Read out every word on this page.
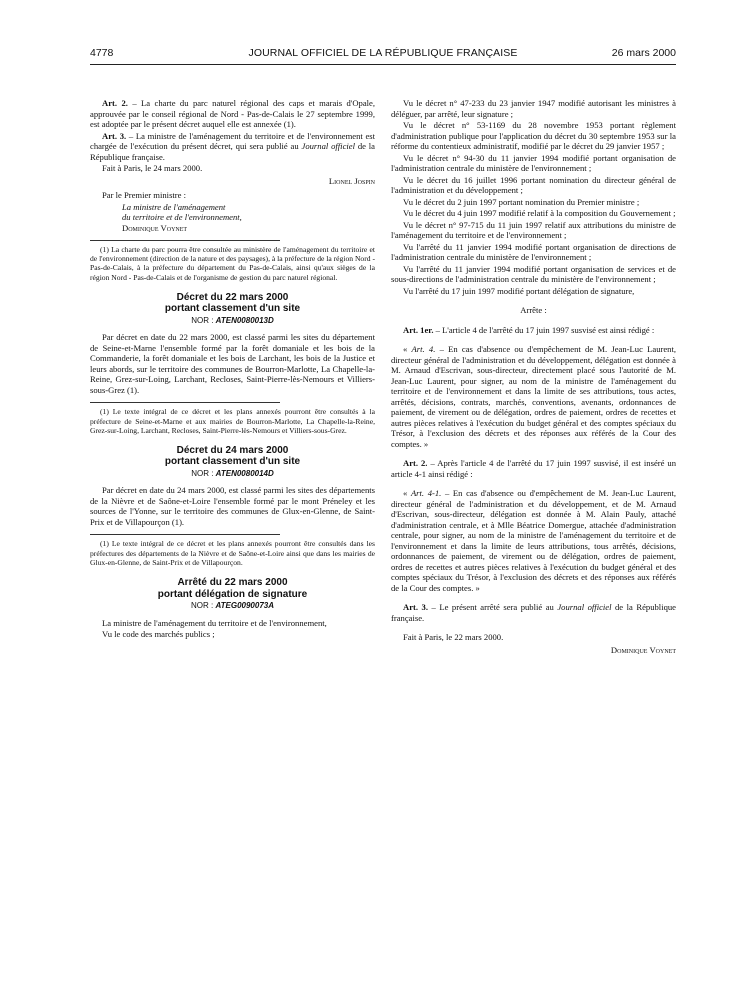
4778	JOURNAL OFFICIEL DE LA RÉPUBLIQUE FRANÇAISE	26 mars 2000

Art. 2. – La charte du parc naturel régional des caps et marais d'Opale, approuvée par le conseil régional de Nord - Pas-de-Calais le 27 septembre 1999, est adoptée par le présent décret auquel elle est annexée (1).

Art. 3. – La ministre de l'aménagement du territoire et de l'environnement est chargée de l'exécution du présent décret, qui sera publié au Journal officiel de la République française.

Fait à Paris, le 24 mars 2000.

Lionel Jospin

Par le Premier ministre :

La ministre de l'aménagement

du territoire et de l'environnement,

Dominique Voynet

(1) La charte du parc pourra être consultée au ministère de l'aménagement du territoire et de l'environnement (direction de la nature et des paysages), à la préfecture de la région Nord - Pas-de-Calais, à la préfecture du département du Pas-de-Calais, ainsi qu'aux sièges de la région Nord - Pas-de-Calais et de l'organisme de gestion du parc naturel régional.

Décret du 22 mars 2000
portant classement d'un site
NOR : ATEN0080013D

Par décret en date du 22 mars 2000, est classé parmi les sites du département de Seine-et-Marne l'ensemble formé par la forêt domaniale et les bois de la Commanderie, la forêt domaniale et les bois de Larchant, les bois de la Justice et leurs abords, sur le territoire des communes de Bourron-Marlotte, La Chapelle-la-Reine, Grez-sur-Loing, Larchant, Recloses, Saint-Pierre-lès-Nemours et Villiers-sous-Grez (1).

(1) Le texte intégral de ce décret et les plans annexés pourront être consultés à la préfecture de Seine-et-Marne et aux mairies de Bourron-Marlotte, La Chapelle-la-Reine, Grez-sur-Loing, Larchant, Recloses, Saint-Pierre-lès-Nemours et Villiers-sous-Grez.

Décret du 24 mars 2000
portant classement d'un site
NOR : ATEN0080014D

Par décret en date du 24 mars 2000, est classé parmi les sites des départements de la Nièvre et de Saône-et-Loire l'ensemble formé par le mont Préneley et les sources de l'Yonne, sur le territoire des communes de Glux-en-Glenne, de Saint-Prix et de Villapourçon (1).

(1) Le texte intégral de ce décret et les plans annexés pourront être consultés dans les préfectures des départements de la Nièvre et de Saône-et-Loire ainsi que dans les mairies de Glux-en-Glenne, de Saint-Prix et de Villapourçon.

Arrêté du 22 mars 2000
portant délégation de signature
NOR : ATEG0090073A

La ministre de l'aménagement du territoire et de l'environnement,

Vu le code des marchés publics ;

Vu le décret n° 47-233 du 23 janvier 1947 modifié autorisant les ministres à déléguer, par arrêté, leur signature ;

Vu le décret n° 53-1169 du 28 novembre 1953 portant règlement d'administration publique pour l'application du décret du 30 septembre 1953 sur la réforme du contentieux administratif, modifié par le décret du 29 janvier 1957 ;

Vu le décret n° 94-30 du 11 janvier 1994 modifié portant organisation de l'administration centrale du ministère de l'environnement ;

Vu le décret du 16 juillet 1996 portant nomination du directeur général de l'administration et du développement ;

Vu le décret du 2 juin 1997 portant nomination du Premier ministre ;

Vu le décret du 4 juin 1997 modifié relatif à la composition du Gouvernement ;

Vu le décret n° 97-715 du 11 juin 1997 relatif aux attributions du ministre de l'aménagement du territoire et de l'environnement ;

Vu l'arrêté du 11 janvier 1994 modifié portant organisation de directions de l'administration centrale du ministère de l'environnement ;

Vu l'arrêté du 11 janvier 1994 modifié portant organisation de services et de sous-directions de l'administration centrale du ministère de l'environnement ;

Vu l'arrêté du 17 juin 1997 modifié portant délégation de signature,

Arrête :

Art. 1er. – L'article 4 de l'arrêté du 17 juin 1997 susvisé est ainsi rédigé :

« Art. 4. – En cas d'absence ou d'empêchement de M. Jean-Luc Laurent, directeur général de l'administration et du développement, délégation est donnée à M. Arnaud d'Escrivan, sous-directeur, directement placé sous l'autorité de M. Jean-Luc Laurent, pour signer, au nom de la ministre de l'aménagement du territoire et de l'environnement et dans la limite de ses attributions, tous actes, arrêtés, décisions, contrats, marchés, conventions, avenants, ordonnances de paiement, de virement ou de délégation, ordres de paiement, ordres de recettes et autres pièces relatives à l'exécution du budget général et des comptes spéciaux du Trésor, à l'exclusion des décrets et des réponses aux référés de la Cour des comptes. »

Art. 2. – Après l'article 4 de l'arrêté du 17 juin 1997 susvisé, il est inséré un article 4-1 ainsi rédigé :

« Art. 4-1. – En cas d'absence ou d'empêchement de M. Jean-Luc Laurent, directeur général de l'administration et du développement, et de M. Arnaud d'Escrivan, sous-directeur, délégation est donnée à M. Alain Pauly, attaché d'administration centrale, et à Mlle Béatrice Domergue, attachée d'administration centrale, pour signer, au nom de la ministre de l'aménagement du territoire et de l'environnement et dans la limite de leurs attributions, tous arrêtés, décisions, ordonnances de paiement, de virement ou de délégation, ordres de paiement, ordres de recettes et autres pièces relatives à l'exécution du budget général et des comptes spéciaux du Trésor, à l'exclusion des décrets et des réponses aux référés de la Cour des comptes. »

Art. 3. – Le présent arrêté sera publié au Journal officiel de la République française.

Fait à Paris, le 22 mars 2000.

Dominique Voynet
